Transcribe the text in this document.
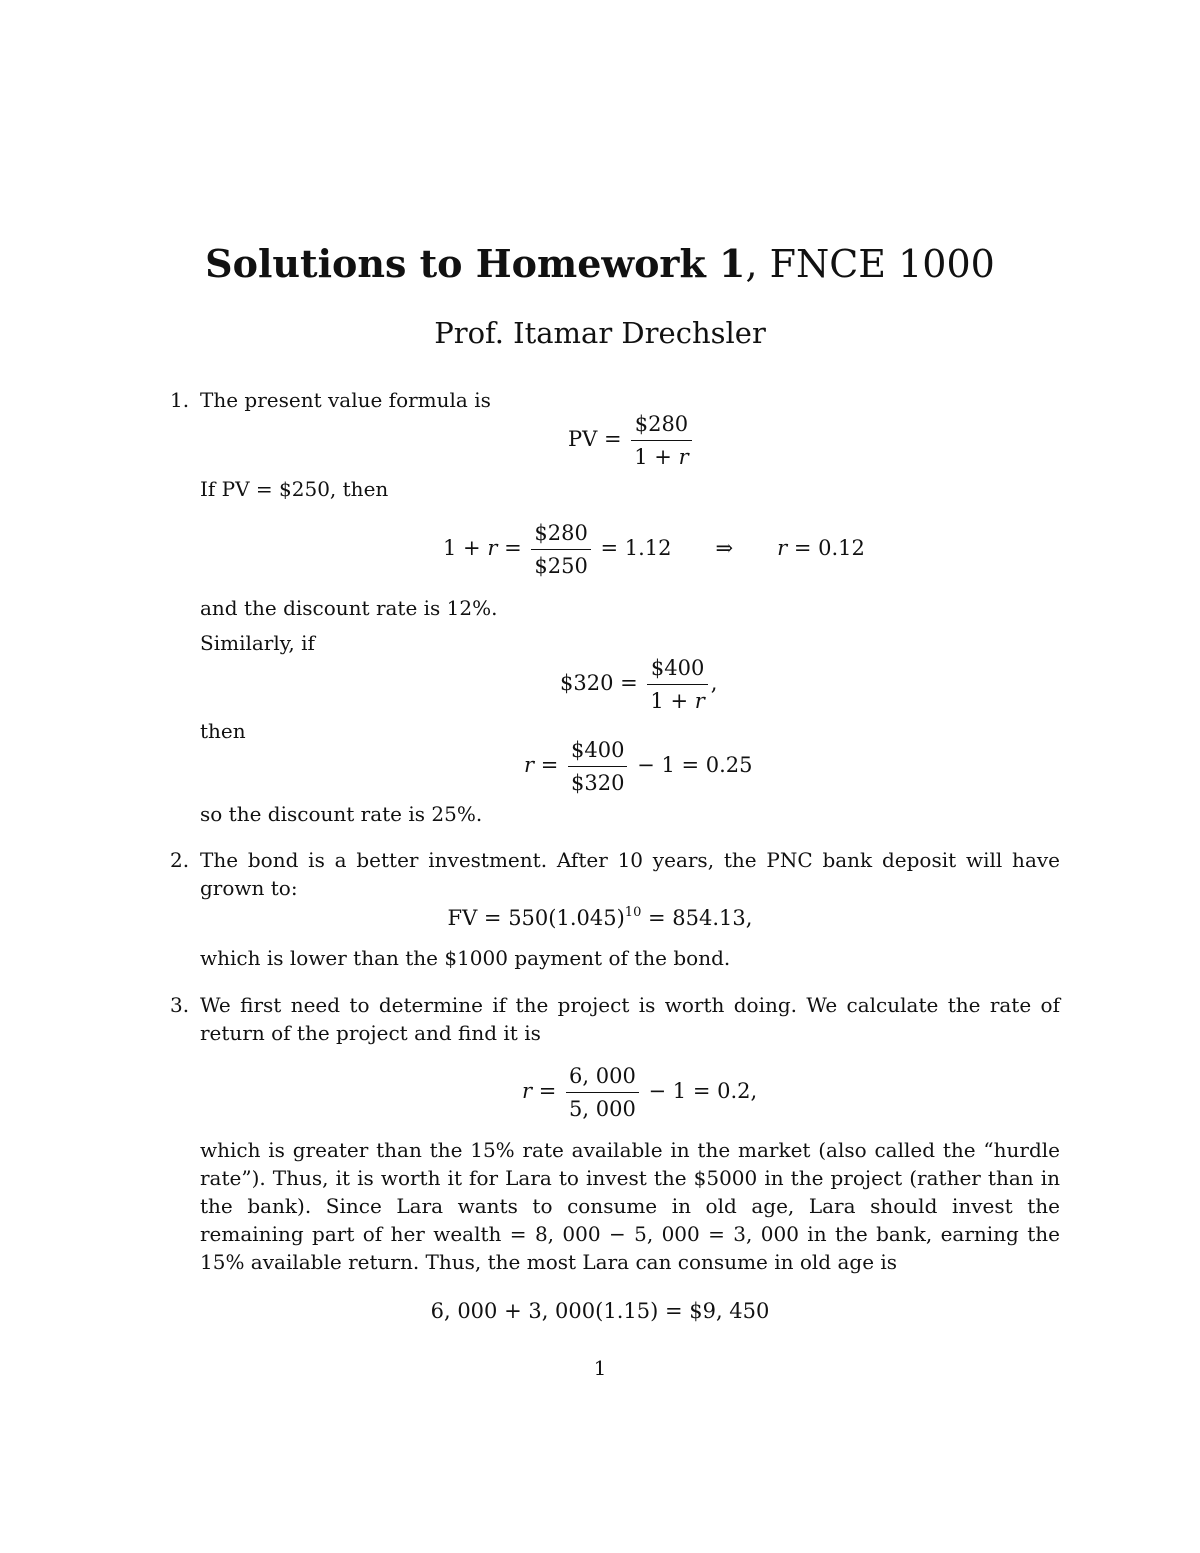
Solutions to Homework 1, FNCE 1000
Prof. Itamar Drechsler
1. The present value formula is
PV = $\frac{\$280}{1 + r}$
If PV = $250, then
$1 + r = \frac{\$280}{\$250} = 1.12$ ⇒ r = 0.12
and the discount rate is 12%.
Similarly, if
$320 = $\frac{\$400}{1 + r}$ ,
then
$r = \frac{\$400}{\$320} - 1 = 0.25$
so the discount rate is 25%.
2. The bond is a better investment. After 10 years, the PNC bank deposit will have grown to:
FV = $550(1.045)^{10} = 854.13$,
which is lower than the $1000 payment of the bond.
3. We first need to determine if the project is worth doing. We calculate the rate of return of the project and find it is
$r = \frac{6, 000}{5, 000} - 1 = 0.2$,
which is greater than the 15% rate available in the market (also called the “hurdle rate”). Thus, it is worth it for Lara to invest the $5000 in the project (rather than in the bank). Since Lara wants to consume in old age, Lara should invest the remaining part of her wealth = 8, 000 − 5, 000 = 3, 000 in the bank, earning the 15% available return. Thus, the most Lara can consume in old age is
6, 000 + 3, 000(1.15) = $9, 450
1
